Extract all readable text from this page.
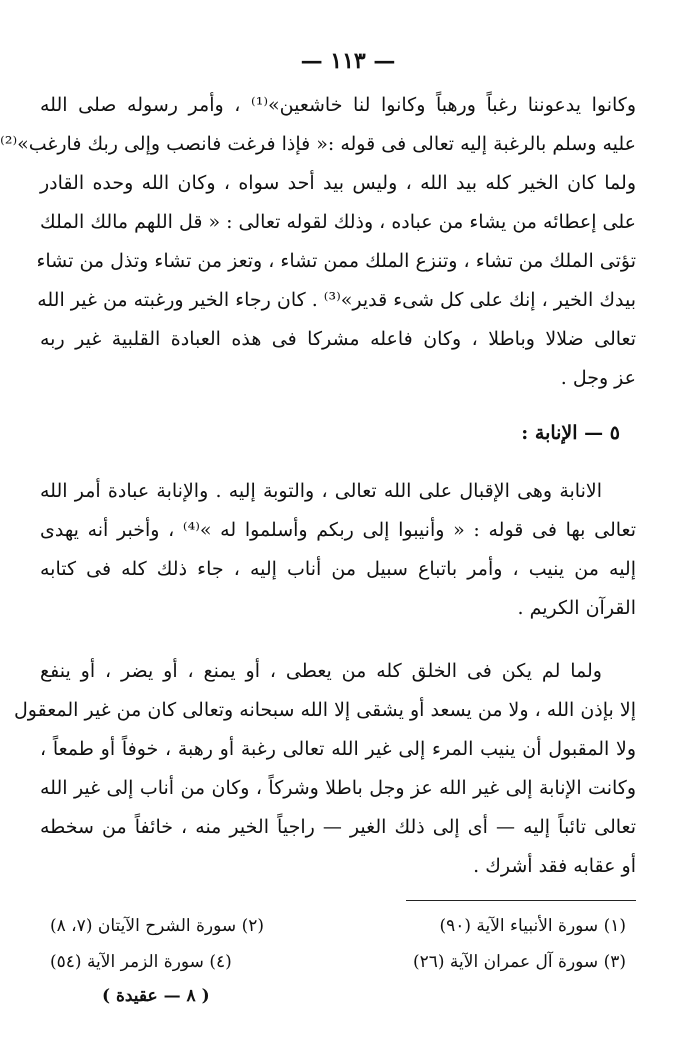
— ١١٣ —
وكانوا يدعوننا رغباً ورهباً وكانوا لنا خاشعين»⁽¹⁾ ، وأمر رسوله صلى الله
عليه وسلم بالرغبة إليه تعالى فى قوله :« فإذا فرغت فانصب وإلى ربك فارغب»⁽²⁾
ولما كان الخير كله بيد الله ، وليس بيد أحد سواه ، وكان الله وحده القادر
على إعطائه من يشاء من عباده ، وذلك لقوله تعالى : « قل اللهم مالك الملك
تؤتى الملك من تشاء ، وتنزع الملك ممن تشاء ، وتعز من تشاء وتذل من تشاء
بيدك الخير ، إنك على كل شىء قدير»⁽³⁾ . كان رجاء الخير ورغبته من غير الله
تعالى ضلالا وباطلا ، وكان فاعله مشركا فى هذه العبادة القلبية غير ربه
عز وجل .
٥ — الإنابة :
الانابة وهى الإقبال على الله تعالى ، والتوبة إليه . والإنابة عبادة أمر الله
تعالى بها فى قوله : « وأنيبوا إلى ربكم وأسلموا له »⁽⁴⁾ ، وأخبر أنه يهدى
إليه من ينيب ، وأمر باتباع سبيل من أناب إليه ، جاء ذلك كله فى كتابه
القرآن الكريم .
ولما لم يكن فى الخلق كله من يعطى ، أو يمنع ، أو يضر ، أو ينفع
إلا بإذن الله ، ولا من يسعد أو يشقى إلا الله سبحانه وتعالى كان من غير المعقول
ولا المقبول أن ينيب المرء إلى غير الله تعالى رغبة أو رهبة ، خوفاً أو طمعاً ،
وكانت الإنابة إلى غير الله عز وجل باطلا وشركاً ، وكان من أناب إلى غير الله
تعالى تائباً إليه — أى إلى ذلك الغير — راجياً الخير منه ، خائفاً من سخطه
أو عقابه فقد أشرك .
(١) سورة الأنبياء الآية (٩٠)
(٢) سورة الشرح الآيتان (٧، ٨)
(٣) سورة آل عمران الآية (٢٦)
(٤) سورة الزمر الآية (٥٤)
( ٨ — عقيدة )
